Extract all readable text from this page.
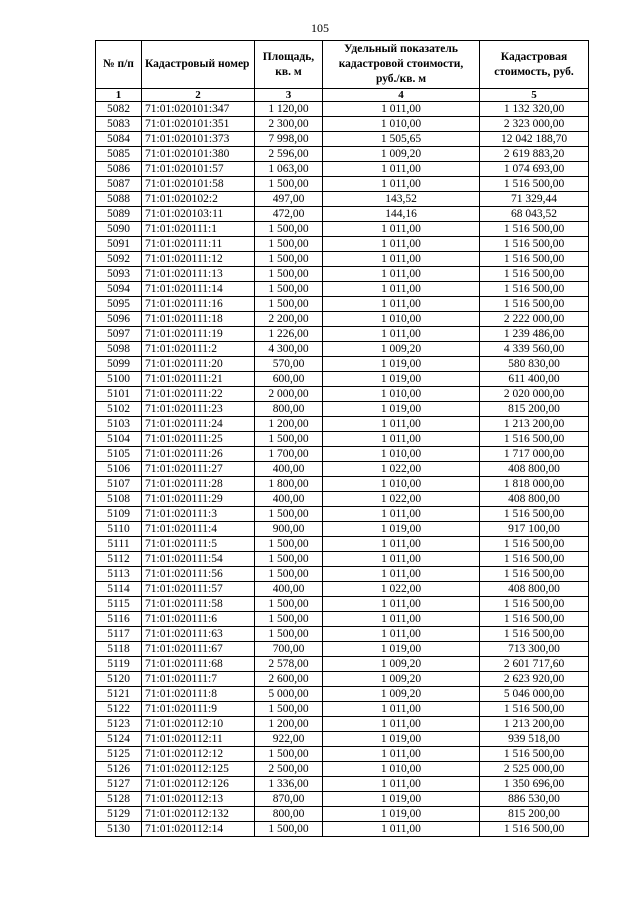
105
№ п/п	Кадастровый номер	Площадь, кв. м	Удельный показатель кадастровой стоимости, руб./кв. м	Кадастровая стоимость, руб.
1	2	3	4	5
5082	71:01:020101:347	1 120,00	1 011,00	1 132 320,00
5083	71:01:020101:351	2 300,00	1 010,00	2 323 000,00
5084	71:01:020101:373	7 998,00	1 505,65	12 042 188,70
5085	71:01:020101:380	2 596,00	1 009,20	2 619 883,20
5086	71:01:020101:57	1 063,00	1 011,00	1 074 693,00
5087	71:01:020101:58	1 500,00	1 011,00	1 516 500,00
5088	71:01:020102:2	497,00	143,52	71 329,44
5089	71:01:020103:11	472,00	144,16	68 043,52
5090	71:01:020111:1	1 500,00	1 011,00	1 516 500,00
5091	71:01:020111:11	1 500,00	1 011,00	1 516 500,00
5092	71:01:020111:12	1 500,00	1 011,00	1 516 500,00
5093	71:01:020111:13	1 500,00	1 011,00	1 516 500,00
5094	71:01:020111:14	1 500,00	1 011,00	1 516 500,00
5095	71:01:020111:16	1 500,00	1 011,00	1 516 500,00
5096	71:01:020111:18	2 200,00	1 010,00	2 222 000,00
5097	71:01:020111:19	1 226,00	1 011,00	1 239 486,00
5098	71:01:020111:2	4 300,00	1 009,20	4 339 560,00
5099	71:01:020111:20	570,00	1 019,00	580 830,00
5100	71:01:020111:21	600,00	1 019,00	611 400,00
5101	71:01:020111:22	2 000,00	1 010,00	2 020 000,00
5102	71:01:020111:23	800,00	1 019,00	815 200,00
5103	71:01:020111:24	1 200,00	1 011,00	1 213 200,00
5104	71:01:020111:25	1 500,00	1 011,00	1 516 500,00
5105	71:01:020111:26	1 700,00	1 010,00	1 717 000,00
5106	71:01:020111:27	400,00	1 022,00	408 800,00
5107	71:01:020111:28	1 800,00	1 010,00	1 818 000,00
5108	71:01:020111:29	400,00	1 022,00	408 800,00
5109	71:01:020111:3	1 500,00	1 011,00	1 516 500,00
5110	71:01:020111:4	900,00	1 019,00	917 100,00
5111	71:01:020111:5	1 500,00	1 011,00	1 516 500,00
5112	71:01:020111:54	1 500,00	1 011,00	1 516 500,00
5113	71:01:020111:56	1 500,00	1 011,00	1 516 500,00
5114	71:01:020111:57	400,00	1 022,00	408 800,00
5115	71:01:020111:58	1 500,00	1 011,00	1 516 500,00
5116	71:01:020111:6	1 500,00	1 011,00	1 516 500,00
5117	71:01:020111:63	1 500,00	1 011,00	1 516 500,00
5118	71:01:020111:67	700,00	1 019,00	713 300,00
5119	71:01:020111:68	2 578,00	1 009,20	2 601 717,60
5120	71:01:020111:7	2 600,00	1 009,20	2 623 920,00
5121	71:01:020111:8	5 000,00	1 009,20	5 046 000,00
5122	71:01:020111:9	1 500,00	1 011,00	1 516 500,00
5123	71:01:020112:10	1 200,00	1 011,00	1 213 200,00
5124	71:01:020112:11	922,00	1 019,00	939 518,00
5125	71:01:020112:12	1 500,00	1 011,00	1 516 500,00
5126	71:01:020112:125	2 500,00	1 010,00	2 525 000,00
5127	71:01:020112:126	1 336,00	1 011,00	1 350 696,00
5128	71:01:020112:13	870,00	1 019,00	886 530,00
5129	71:01:020112:132	800,00	1 019,00	815 200,00
5130	71:01:020112:14	1 500,00	1 011,00	1 516 500,00
